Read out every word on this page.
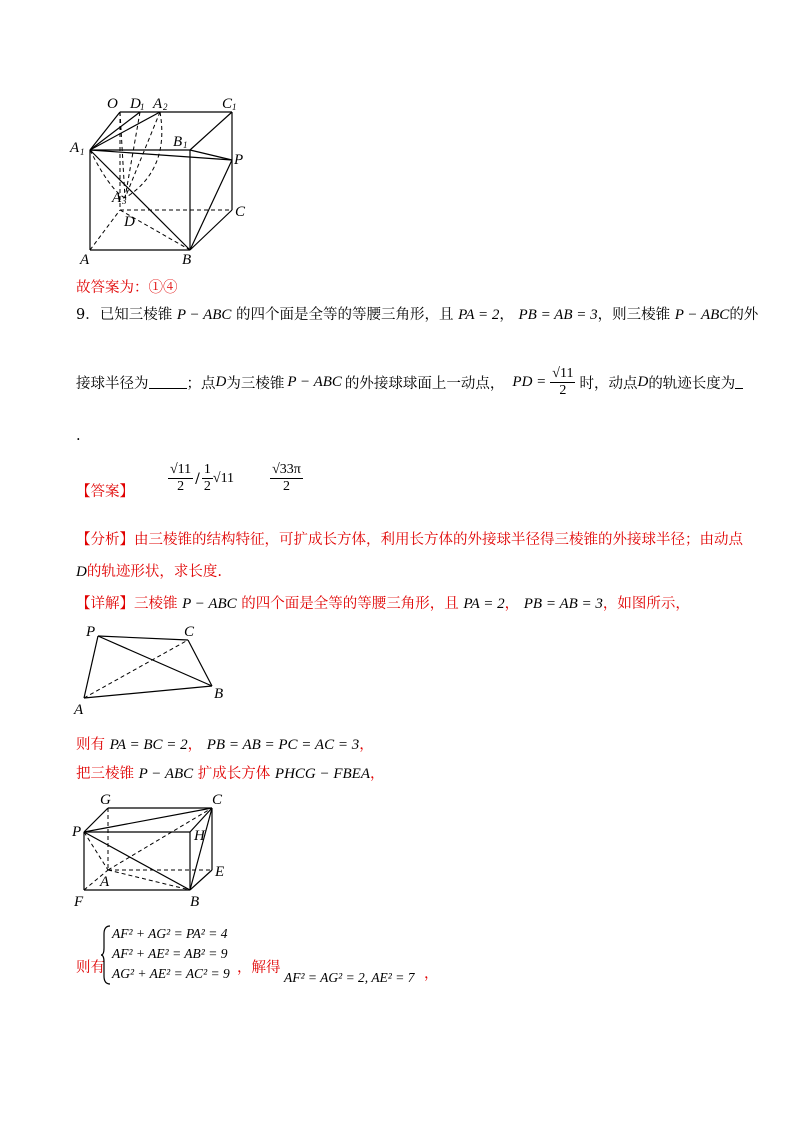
O D 1 A 2	C 1
A 1
B 1
P
A 3
D
C
A	B
故答案为：①④
9．已知三棱锥 P − ABC 的四个面是全等的等腰三角形，且 PA = 2， PB = AB = 3，则三棱锥 P − ABC的外
接球半径为	；点 D 为三棱锥 P − ABC 的外接球球面上一动点， PD = $\frac{√11}{2}$ 时，动点 D 的轨迹长度为
.
【答案】 $\frac{√11}{2} / \frac{1}{2} √11$	$\frac{√33\pi}{2}$
【分析】由三棱锥的结构特征，可扩成长方体，利用长方体的外接球半径得三棱锥的外接球半径；由动点
D的轨迹形状，求长度.
【详解】三棱锥 P − ABC 的四个面是全等的等腰三角形，且 PA = 2， PB = AB = 3，如图所示，
P	C
A
B
则有 PA = BC = 2， PB = AB = PC = AC = 3，
把三棱锥 P − ABC 扩成长方体 PHCG − FBEA，
G	C
P	H
A
E
F	B
则有
AF² + AG² = PA² = 4
AF² + AE² = AB² = 9
AG² + AE² = AC² = 9 ，解得
AF² = AG² = 2, AE² = 7 ，
